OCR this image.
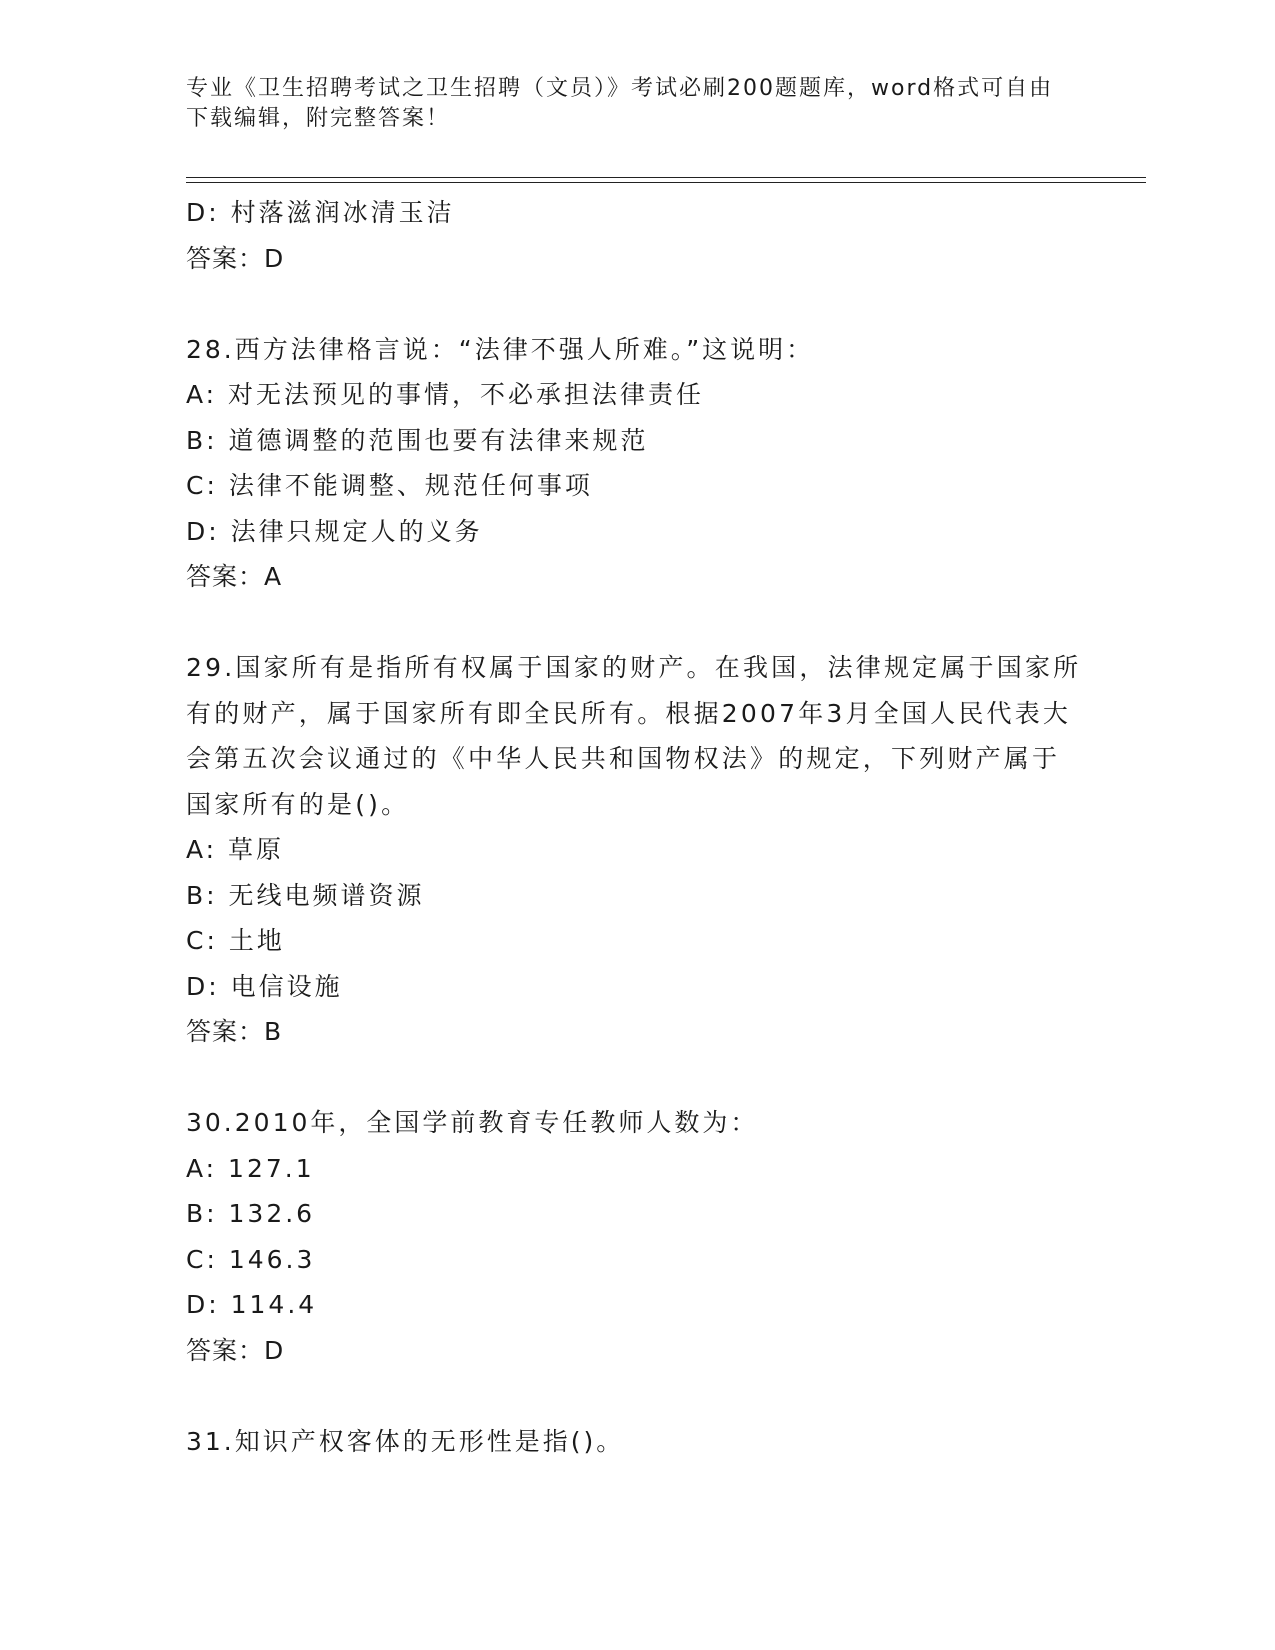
专业《卫生招聘考试之卫生招聘（文员）》考试必刷200题题库，word格式可自由下载编辑，附完整答案！
D: 村落滋润冰清玉洁
答案：D
28.西方法律格言说：“法律不强人所难。”这说明：
A: 对无法预见的事情，不必承担法律责任
B: 道德调整的范围也要有法律来规范
C: 法律不能调整、规范任何事项
D: 法律只规定人的义务
答案：A
29.国家所有是指所有权属于国家的财产。在我国，法律规定属于国家所有的财产，属于国家所有即全民所有。根据2007年3月全国人民代表大会第五次会议通过的《中华人民共和国物权法》的规定，下列财产属于国家所有的是()。
A: 草原
B: 无线电频谱资源
C: 土地
D: 电信设施
答案：B
30.2010年，全国学前教育专任教师人数为：
A: 127.1
B: 132.6
C: 146.3
D: 114.4
答案：D
31.知识产权客体的无形性是指()。
